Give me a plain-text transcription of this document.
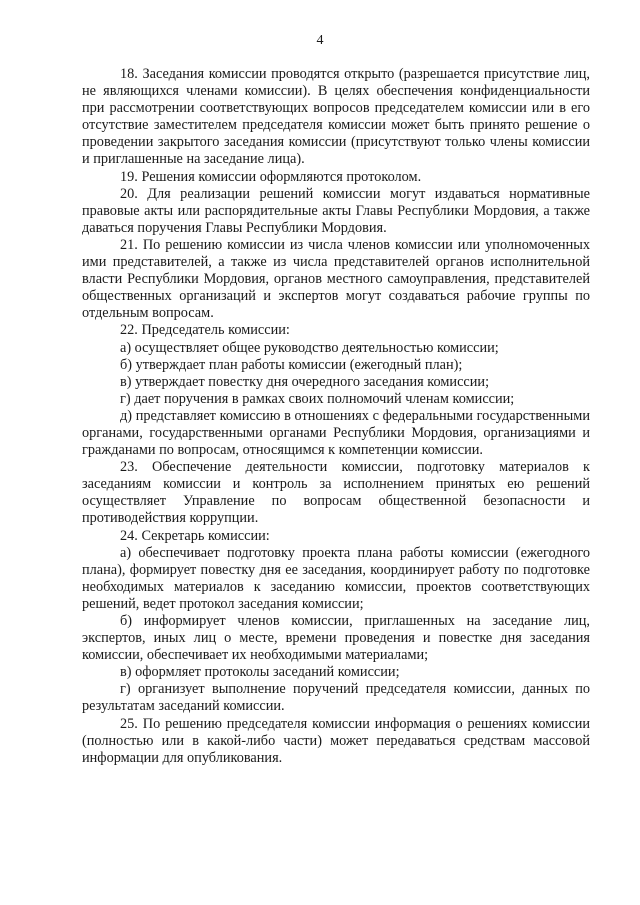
4

18. Заседания комиссии проводятся открыто (разрешается присутствие лиц, не являющихся членами комиссии). В целях обеспечения конфиденциальности при рассмотрении соответствующих вопросов председателем комиссии или в его отсутствие заместителем председателя комиссии может быть принято решение о проведении закрытого заседания комиссии (присутствуют только члены комиссии и приглашенные на заседание лица).

19. Решения комиссии оформляются протоколом.

20. Для реализации решений комиссии могут издаваться нормативные правовые акты или распорядительные акты Главы Республики Мордовия, а также даваться поручения Главы Республики Мордовия.

21. По решению комиссии из числа членов комиссии или уполномоченных ими представителей, а также из числа представителей органов исполнительной власти Республики Мордовия, органов местного самоуправления, представителей общественных организаций и экспертов могут создаваться рабочие группы по отдельным вопросам.

22. Председатель комиссии:

а) осуществляет общее руководство деятельностью комиссии;

б) утверждает план работы комиссии (ежегодный план);

в) утверждает повестку дня очередного заседания комиссии;

г) дает поручения в рамках своих полномочий членам комиссии;

д) представляет комиссию в отношениях с федеральными государственными органами, государственными органами Республики Мордовия, организациями и гражданами по вопросам, относящимся к компетенции комиссии.

23. Обеспечение деятельности комиссии, подготовку материалов к заседаниям комиссии и контроль за исполнением принятых ею решений осуществляет Управление по вопросам общественной безопасности и противодействия коррупции.

24. Секретарь комиссии:

а) обеспечивает подготовку проекта плана работы комиссии (ежегодного плана), формирует повестку дня ее заседания, координирует работу по подготовке необходимых материалов к заседанию комиссии, проектов соответствующих решений, ведет протокол заседания комиссии;

б) информирует членов комиссии, приглашенных на заседание лиц, экспертов, иных лиц о месте, времени проведения и повестке дня заседания комиссии, обеспечивает их необходимыми материалами;

в) оформляет протоколы заседаний комиссии;

г) организует выполнение поручений председателя комиссии, данных по результатам заседаний комиссии.

25. По решению председателя комиссии информация о решениях комиссии (полностью или в какой-либо части) может передаваться средствам массовой информации для опубликования.
